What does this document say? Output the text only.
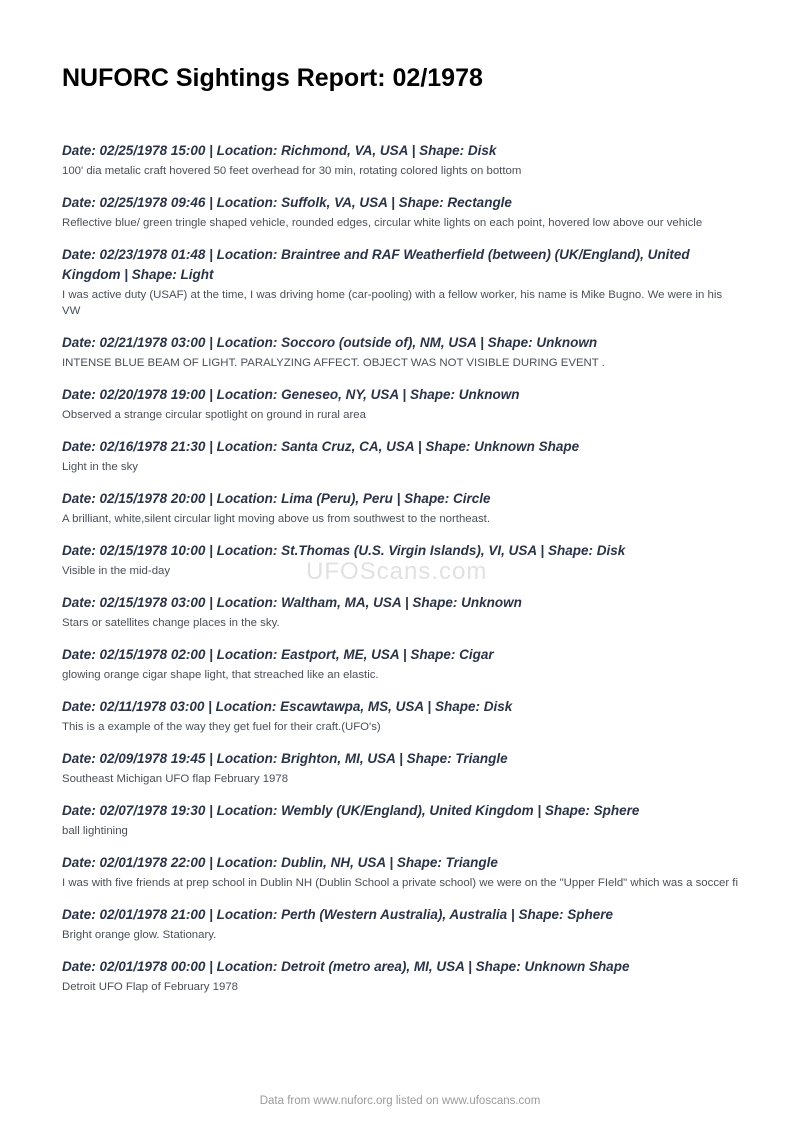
NUFORC Sightings Report: 02/1978
Date: 02/25/1978 15:00 | Location: Richmond, VA, USA | Shape: Disk
100' dia metalic craft hovered 50 feet overhead for 30 min, rotating colored lights on bottom
Date: 02/25/1978 09:46 | Location: Suffolk, VA, USA | Shape: Rectangle
Reflective blue/ green tringle shaped vehicle, rounded edges, circular white lights on each point, hovered low above our vehicle
Date: 02/23/1978 01:48 | Location: Braintree and RAF Weatherfield (between) (UK/England), United Kingdom | Shape: Light
I was active duty (USAF) at the time, I was driving home (car-pooling) with a fellow worker, his name is Mike Bugno. We were in his VW
Date: 02/21/1978 03:00 | Location: Soccoro (outside of), NM, USA | Shape: Unknown
INTENSE BLUE BEAM OF LIGHT. PARALYZING AFFECT. OBJECT WAS NOT VISIBLE DURING EVENT .
Date: 02/20/1978 19:00 | Location: Geneseo, NY, USA | Shape: Unknown
Observed a strange circular spotlight on ground in rural area
Date: 02/16/1978 21:30 | Location: Santa Cruz, CA, USA | Shape: Unknown Shape
Light in the sky
Date: 02/15/1978 20:00 | Location: Lima (Peru), Peru | Shape: Circle
A brilliant, white,silent circular light moving above us from southwest to the northeast.
Date: 02/15/1978 10:00 | Location: St.Thomas (U.S. Virgin Islands), VI, USA | Shape: Disk
Visible in the mid-day
Date: 02/15/1978 03:00 | Location: Waltham, MA, USA | Shape: Unknown
Stars or satellites change places in the sky.
Date: 02/15/1978 02:00 | Location: Eastport, ME, USA | Shape: Cigar
glowing orange cigar shape light, that streached like an elastic.
Date: 02/11/1978 03:00 | Location: Escawtawpa, MS, USA | Shape: Disk
This is a example of the way they get fuel for their craft.(UFO's)
Date: 02/09/1978 19:45 | Location: Brighton, MI, USA | Shape: Triangle
Southeast Michigan UFO flap February 1978
Date: 02/07/1978 19:30 | Location: Wembly (UK/England), United Kingdom | Shape: Sphere
ball lightining
Date: 02/01/1978 22:00 | Location: Dublin, NH, USA | Shape: Triangle
I was with five friends at prep school in Dublin NH (Dublin School a private school) we were on the "Upper FIeld" which was a soccer fi
Date: 02/01/1978 21:00 | Location: Perth (Western Australia), Australia | Shape: Sphere
Bright orange glow. Stationary.
Date: 02/01/1978 00:00 | Location: Detroit (metro area), MI, USA | Shape: Unknown Shape
Detroit UFO Flap of February 1978
UFOScans.com
Data from www.nuforc.org listed on www.ufoscans.com
